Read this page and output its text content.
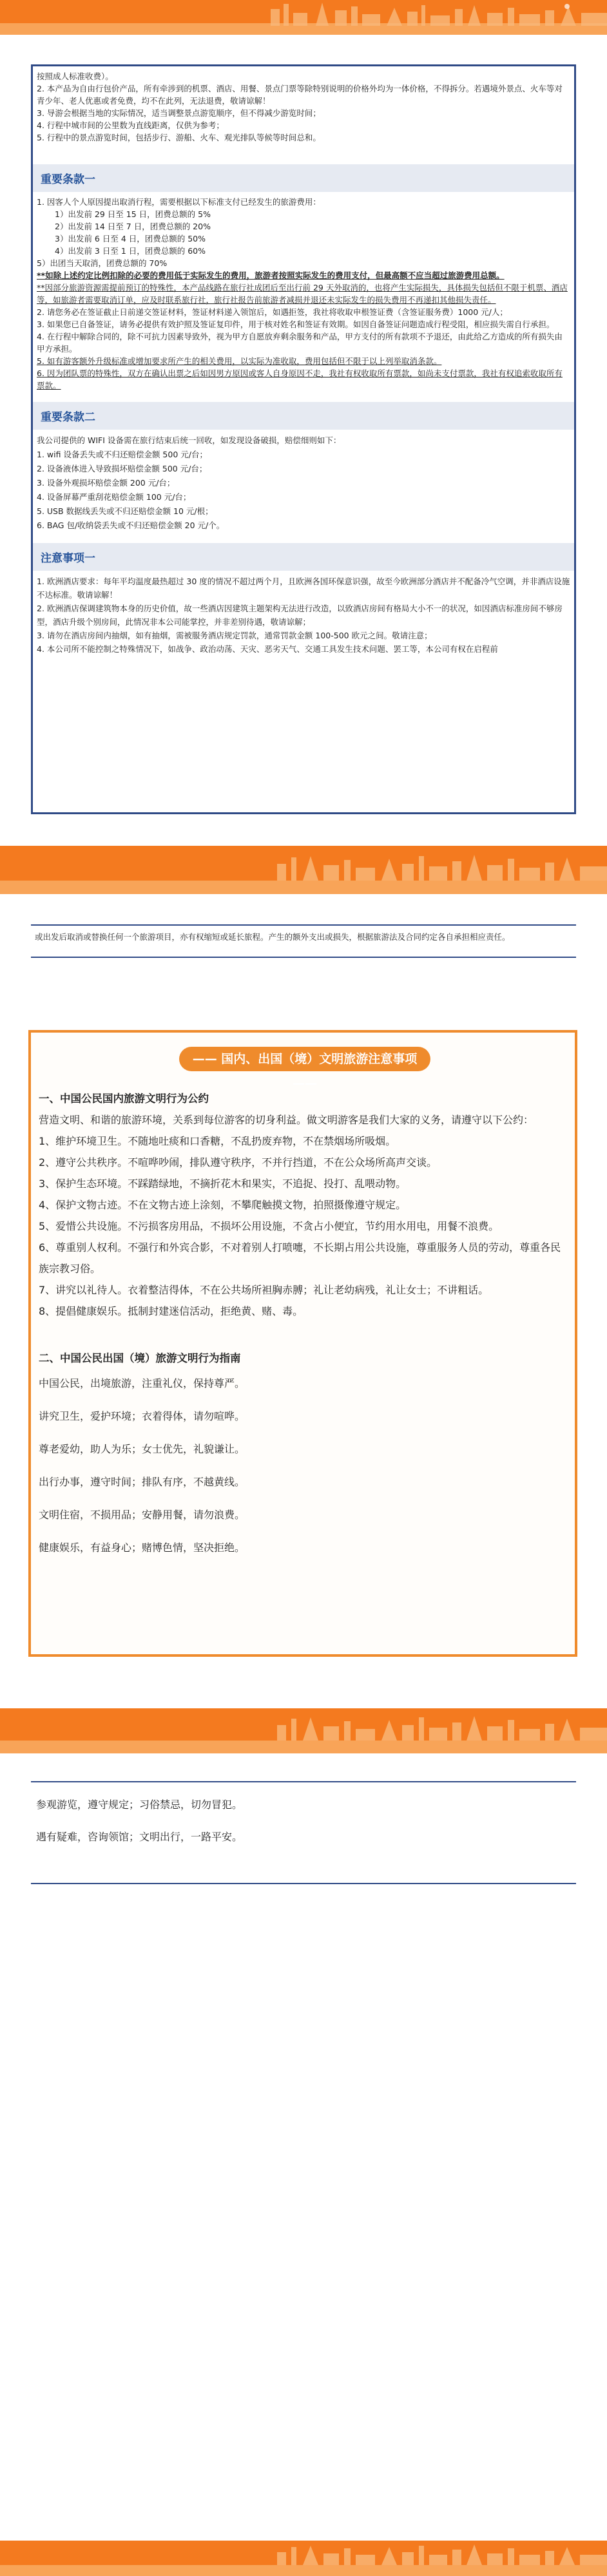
按照成人标准收费）。

2. 本产品为自由行包价产品，所有牵涉到的机票、酒店、用餐、景点门票等除特别说明的价格外均为一体价格，不得拆分。若遇境外景点、火车等对青少年、老人优惠或者免费，均不在此列，无法退费，敬请谅解！

3. 导游会根据当地的实际情况，适当调整景点游览顺序，但不得减少游览时间；

4. 行程中城市间的公里数为直线距离，仅供为参考；

5. 行程中的景点游览时间，包括步行、游船、火车、观光排队等候等时间总和。

重要条款一

1. 因客人个人原因提出取消行程，需要根据以下标准支付已经发生的旅游费用：

1）出发前 29 日至 15 日，团费总额的 5%

2）出发前 14 日至 7 日，团费总额的 20%

3）出发前 6 日至 4 日，团费总额的 50%

4）出发前 3 日至 1 日，团费总额的 60%

5）出团当天取消，团费总额的 70%

**如除上述约定比例扣除的必要的费用低于实际发生的费用，旅游者按照实际发生的费用支付，但最高额不应当超过旅游费用总额。

**因部分旅游资源需提前预订的特殊性，本产品线路在旅行社成团后至出行前 29 天外取消的，也将产生实际损失，具体损失包括但不限于机票、酒店等，如旅游者需要取消订单，应及时联系旅行社，旅行社报告前旅游者减损并退还未实际发生的损失费用不再递扣其他损失责任。

2. 请您务必在签证截止日前递交签证材料，签证材料递入领馆后，如遇拒签，我社将收取申根签证费（含签证服务费）1000 元/人；

3. 如果您已自备签证，请务必提供有效护照及签证复印件，用于核对姓名和签证有效期。如因自备签证问题造成行程受阻，相应损失需自行承担。

4. 在行程中解除合同的，除不可抗力因素导致外，视为甲方自愿放弃剩余服务和产品，甲方支付的所有款项不予退还，由此给乙方造成的所有损失由甲方承担。

5. 如有游客额外升级标准或增加要求所产生的相关费用，以实际为准收取，费用包括但不限于以上列举取消条款。

6. 因为团队票的特殊性，双方在确认出票之后如因男方原因或客人自身原因不走，我社有权收取所有票款，如尚未支付票款，我社有权追索收取所有票款。

重要条款二

我公司提供的 WIFI 设备需在旅行结束后统一回收，如发现设备破损，赔偿细则如下：

1. wifi 设备丢失或不归还赔偿金额 500 元/台；

2. 设备液体进入导致损坏赔偿金额 500 元/台；

3. 设备外观损坏赔偿金额 200 元/台；

4. 设备屏幕严重刮花赔偿金额 100 元/台；

5. USB 数据线丢失或不归还赔偿金额 10 元/根；

6. BAG 包/收纳袋丢失或不归还赔偿金额 20 元/个。

注意事项一

1. 欧洲酒店要求：每年平均温度最热超过 30 度的情况不超过两个月，且欧洲各国环保意识强，故至今欧洲部分酒店并不配备冷气空调，并非酒店设施不达标准。敬请谅解！

2. 欧洲酒店保调建筑物本身的历史价值，故一些酒店因建筑主题架构无法进行改造，以致酒店房间有格局大小不一的状况，如因酒店标准房间不够房型，酒店升级个别房间，此情况非本公司能掌控，并非差别待遇，敬请谅解；

3. 请勿在酒店房间内抽烟，如有抽烟，需被服务酒店规定罚款，通常罚款金额 100-500 欧元之间。敬请注意；

4. 本公司所不能控制之特殊情况下，如战争、政治动荡、天灾、恶劣天气、交通工具发生技术问题、罢工等，本公司有权在启程前

或出发后取消或替换任何一个旅游项目，亦有权缩短或延长旅程。产生的额外支出或损失，根据旅游法及合同约定各自承担相应责任。

—— 国内、出国（境）文明旅游注意事项 ——

一、中国公民国内旅游文明行为公约

营造文明、和谐的旅游环境，关系到每位游客的切身利益。做文明游客是我们大家的义务，请遵守以下公约：

1、维护环境卫生。不随地吐痰和口香糖，不乱扔废弃物，不在禁烟场所吸烟。

2、遵守公共秩序。不喧哗吵闹，排队遵守秩序，不并行挡道，不在公众场所高声交谈。

3、保护生态环境。不踩踏绿地，不摘折花木和果实，不追捉、投打、乱喂动物。

4、保护文物古迹。不在文物古迹上涂刻，不攀爬触摸文物，拍照摄像遵守规定。

5、爱惜公共设施。不污损客房用品，不损坏公用设施，不贪占小便宜，节约用水用电，用餐不浪费。

6、尊重别人权利。不强行和外宾合影，不对着别人打喷嚏，不长期占用公共设施，尊重服务人员的劳动，尊重各民族宗教习俗。

7、讲究以礼待人。衣着整洁得体，不在公共场所袒胸赤膊；礼让老幼病残，礼让女士；不讲粗话。

8、提倡健康娱乐。抵制封建迷信活动，拒绝黄、赌、毒。

二、中国公民出国（境）旅游文明行为指南

中国公民，出境旅游，注重礼仪，保持尊严。

讲究卫生，爱护环境；衣着得体，请勿喧哗。

尊老爱幼，助人为乐；女士优先，礼貌谦让。

出行办事，遵守时间；排队有序，不越黄线。

文明住宿，不损用品；安静用餐，请勿浪费。

健康娱乐，有益身心；赌博色情，坚决拒绝。

参观游览，遵守规定；习俗禁忌，切勿冒犯。

遇有疑难，咨询领馆；文明出行，一路平安。
